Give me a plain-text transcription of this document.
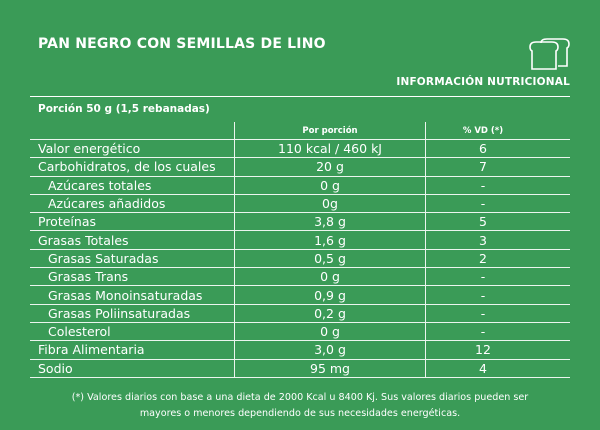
PAN NEGRO CON SEMILLAS DE LINO
INFORMACIÓN NUTRICIONAL
Porción 50 g (1,5 rebanadas)
Por porción	% VD (*)
Valor energético	110 kcal / 460 kJ	6
Carbohidratos, de los cuales	20 g	7
Azúcares totales	0 g	-
Azúcares añadidos	0g	-
Proteínas	3,8 g	5
Grasas Totales	1,6 g	3
Grasas Saturadas	0,5 g	2
Grasas Trans	0 g	-
Grasas Monoinsaturadas	0,9 g	-
Grasas Poliinsaturadas	0,2 g	-
Colesterol	0 g	-
Fibra Alimentaria	3,0 g	12
Sodio	95 mg	4
(*) Valores diarios con base a una dieta de 2000 Kcal u 8400 Kj. Sus valores diarios pueden ser
mayores o menores dependiendo de sus necesidades energéticas.
